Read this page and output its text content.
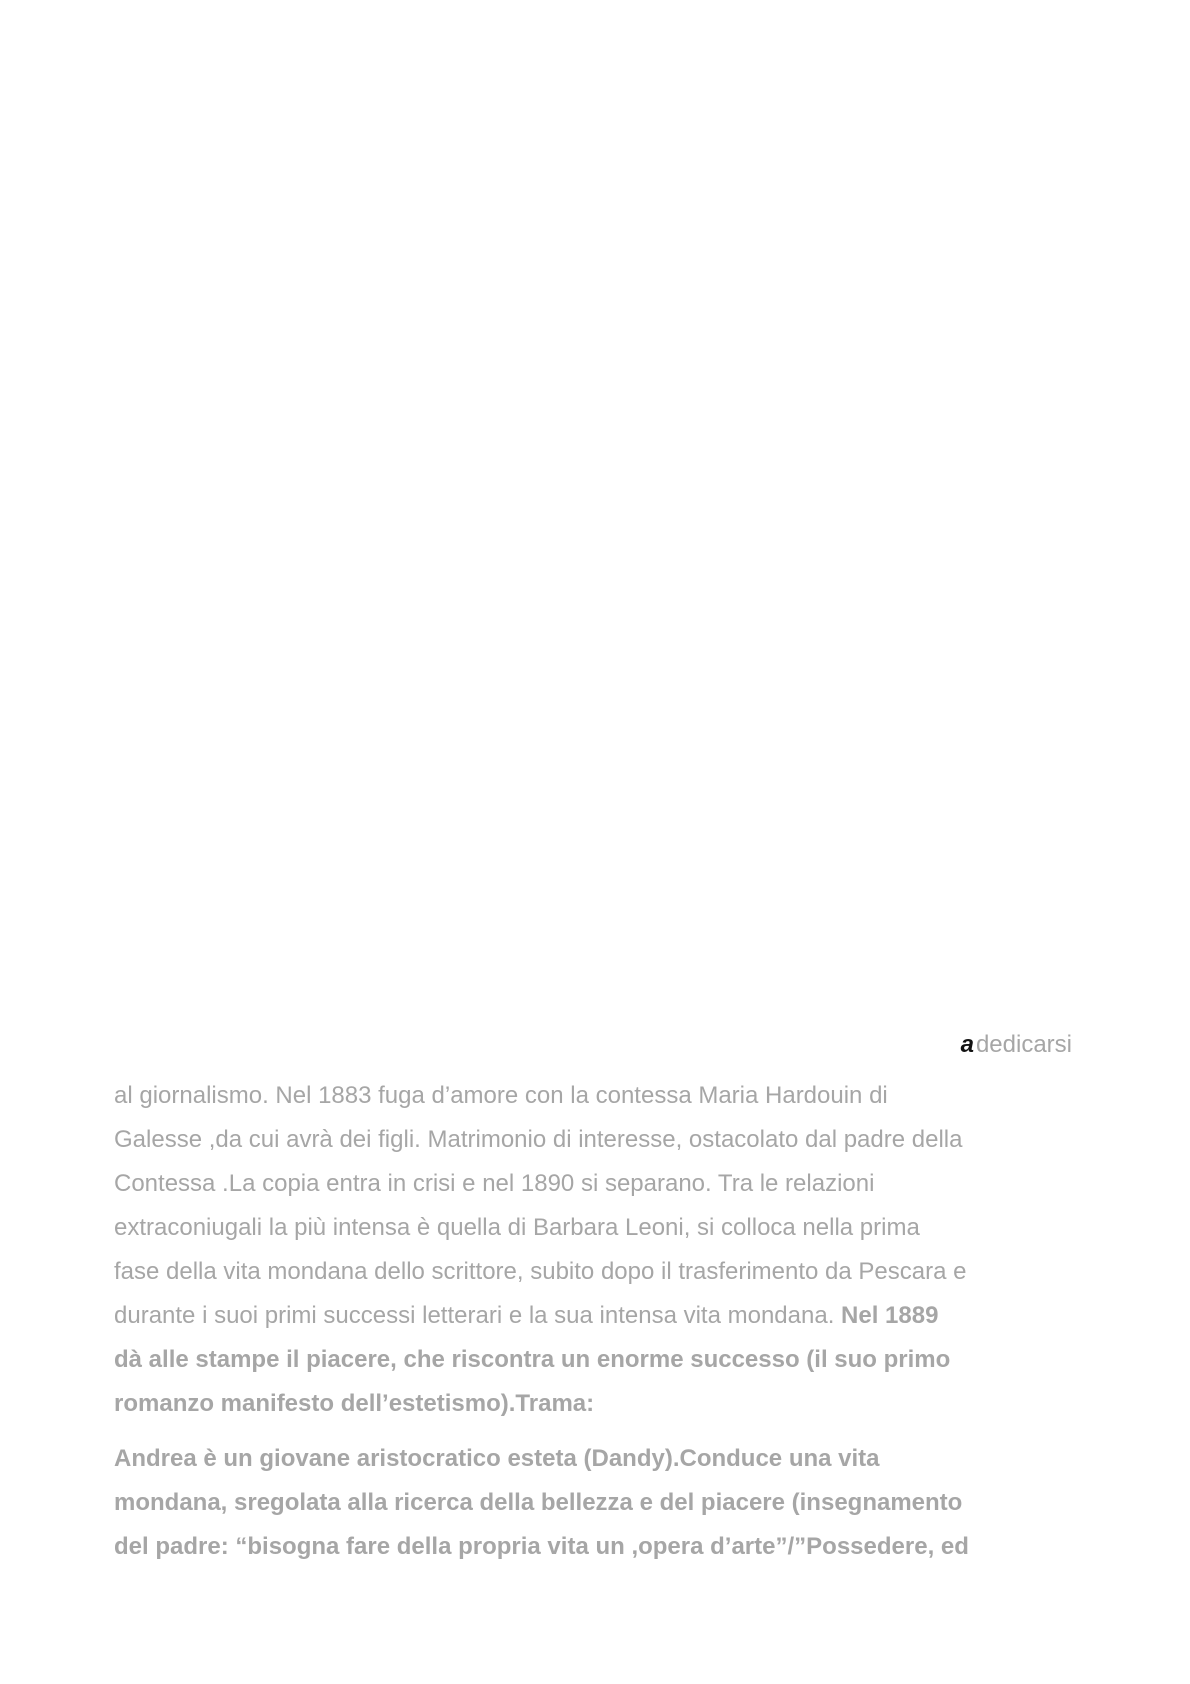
adedicarsi
al giornalismo. Nel 1883 fuga d’amore con la contessa Maria Hardouin di
Galesse ,da cui avrà dei figli. Matrimonio di interesse, ostacolato dal padre della
Contessa .La copia entra in crisi e nel 1890 si separano. Tra le relazioni
extraconiugali la più intensa è quella di Barbara Leoni, si colloca nella prima
fase della vita mondana dello scrittore, subito dopo il trasferimento da Pescara e
durante i suoi primi successi letterari e la sua intensa vita mondana. Nel 1889
dà alle stampe il piacere, che riscontra un enorme successo (il suo primo
romanzo manifesto dell’estetismo).Trama:
Andrea è un giovane aristocratico esteta (Dandy).Conduce una vita
mondana, sregolata alla ricerca della bellezza e del piacere (insegnamento
del padre: “bisogna fare della propria vita un ,opera d’arte”/”Possedere, ed
